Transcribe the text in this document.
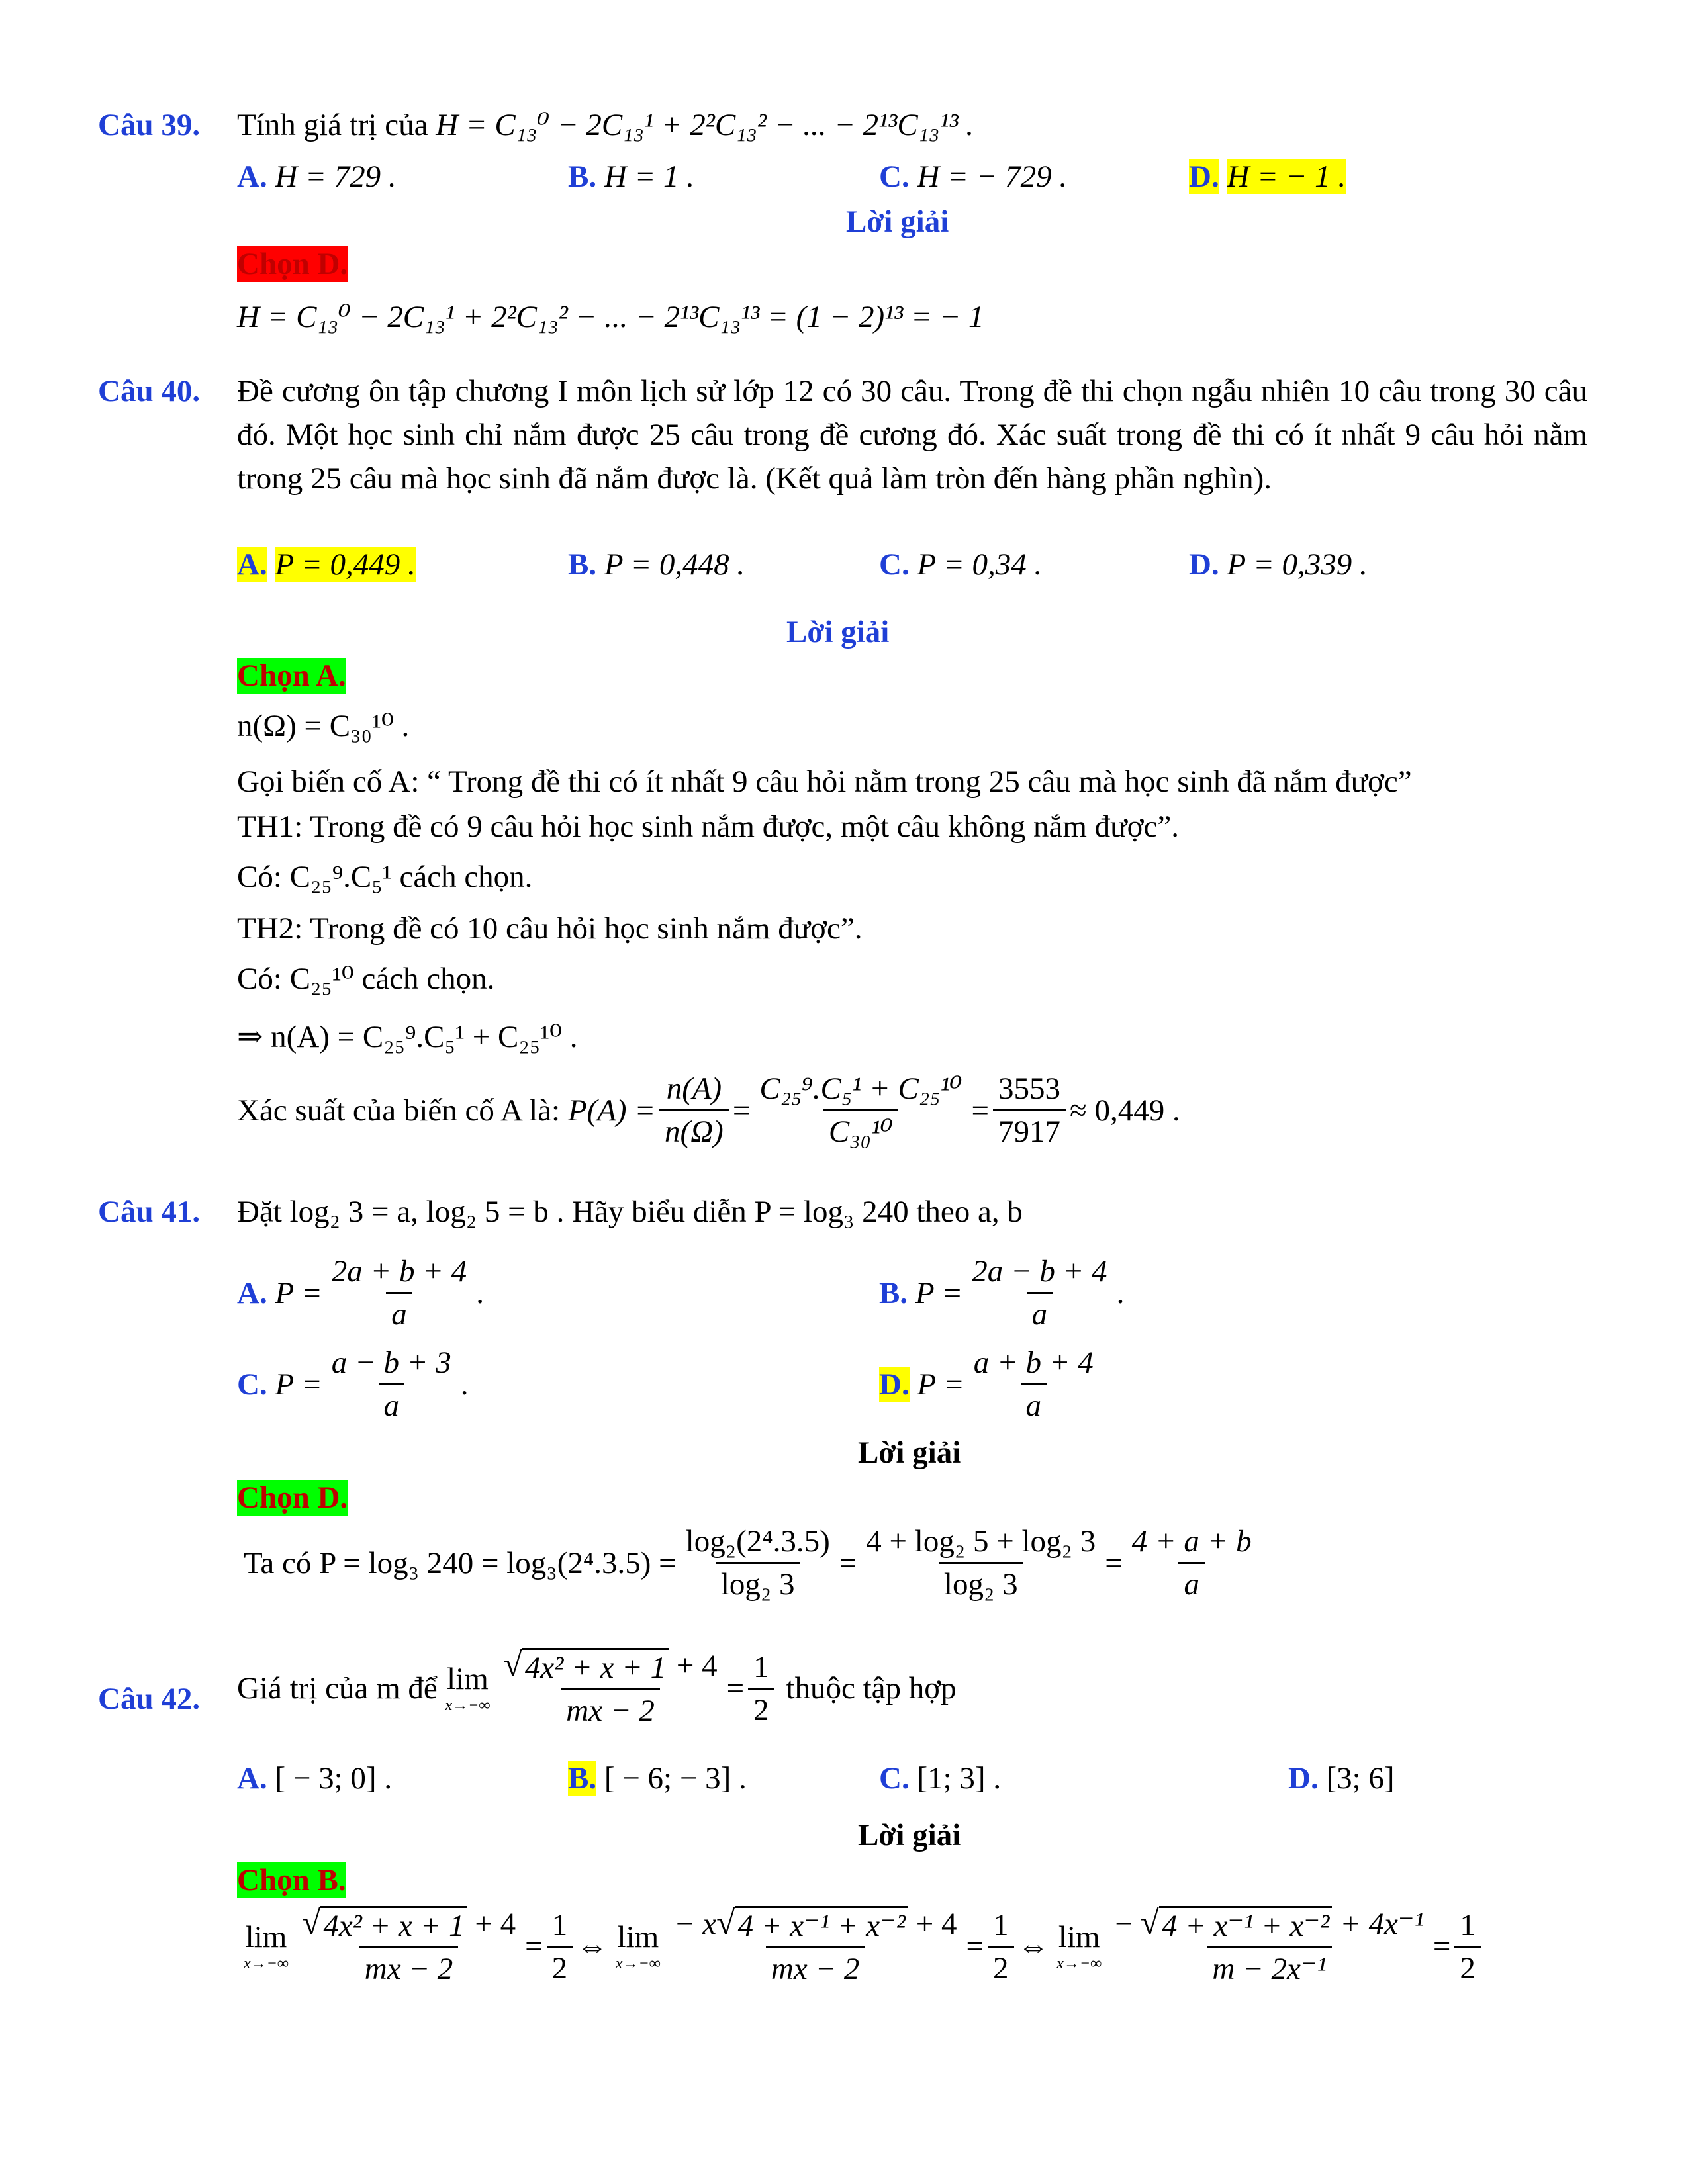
Câu 39. Tính giá trị của H = C₁₃⁰ − 2C₁₃¹ + 2²C₁₃² − ... − 2¹³C₁₃¹³ .
A. H = 729 .	B. H = 1 .	C. H = − 729 .	D. H = − 1 .
Lời giải
Chọn D.
H = C₁₃⁰ − 2C₁₃¹ + 2²C₁₃² − ... − 2¹³C₁₃¹³ = (1 − 2)¹³ = − 1
Câu 40. Đề cương ôn tập chương I môn lịch sử lớp 12 có 30 câu. Trong đề thi chọn ngẫu nhiên 10 câu trong 30 câu đó. Một học sinh chỉ nắm được 25 câu trong đề cương đó. Xác suất trong đề thi có ít nhất 9 câu hỏi nằm trong 25 câu mà học sinh đã nắm được là. (Kết quả làm tròn đến hàng phần nghìn).
A. P = 0,449 .	B. P = 0,448 .	C. P = 0,34 .	D. P = 0,339 .
Lời giải
Chọn A.
n(Ω) = C₃₀¹⁰ .
Gọi biến cố A: “ Trong đề thi có ít nhất 9 câu hỏi nằm trong 25 câu mà học sinh đã nắm được”
TH1: Trong đề có 9 câu hỏi học sinh nắm được, một câu không nắm được”.
Có: C₂₅⁹.C₅¹ cách chọn.
TH2: Trong đề có 10 câu hỏi học sinh nắm được”.
Có: C₂₅¹⁰ cách chọn.
⇒ n(A) = C₂₅⁹.C₅¹ + C₂₅¹⁰ .
Xác suất của biến cố A là:
$P(A) = \frac{n(A)}{n(\Omega)} = \frac{\text{C₂₅⁹.C₅¹ + C₂₅¹⁰}}{\text{C₃₀¹⁰}} = \frac{3553}{7917} \approx 0,449$ .
Câu 41. Đặt log₂ 3 = a, log₂ 5 = b . Hãy biểu diễn P = log₃ 240 theo a, b
A.
$P = \frac{2a + b + 4}{a}$ .	B.
$P = \frac{2a - b + 4}{a}$ .
C.
$P = \frac{a - b + 3}{a}$ .	D.
$P = \frac{a + b + 4}{a}$
Lời giải
Chọn D.
Ta có P = log₃ $240 = \log_3(2^4.3.5) = \frac{\text{log₂(2⁴.3.5)}}{\text{log₂ 3}} = \frac{\text{4 + log₂ 5 + log₂ 3}}{\text{log₂ 3}} = \frac{4 + a + b}{a}$
Câu 42. Giá trị của m để
lim
$x\to-\infty \frac{\text{√ 4x² + x + 1 + 4}}{mx - 2} = \frac{1}{2}$
thuộc tập hợp
A. [ − 3; 0] .	B. [ − 6; − 3] .	C. [1; 3] .	D. [3; 6]
Lời giải
Chọn B.
lim
$x\to-\infty \frac{\text{√ 4x² + x + 1 + 4}}{mx - 2} = \frac{1}{2}$ ⇔
lim
$x\to-\infty \frac{\text{− x √ 4 + x⁻¹ + x⁻² + 4}}{mx - 2} = \frac{1}{2}$ ⇔
lim
$x\to-\infty \frac{\text{− √ 4 + x⁻¹ + x⁻² + 4x⁻¹}}{\text{m − 2x⁻¹}} = \frac{1}{2}$
